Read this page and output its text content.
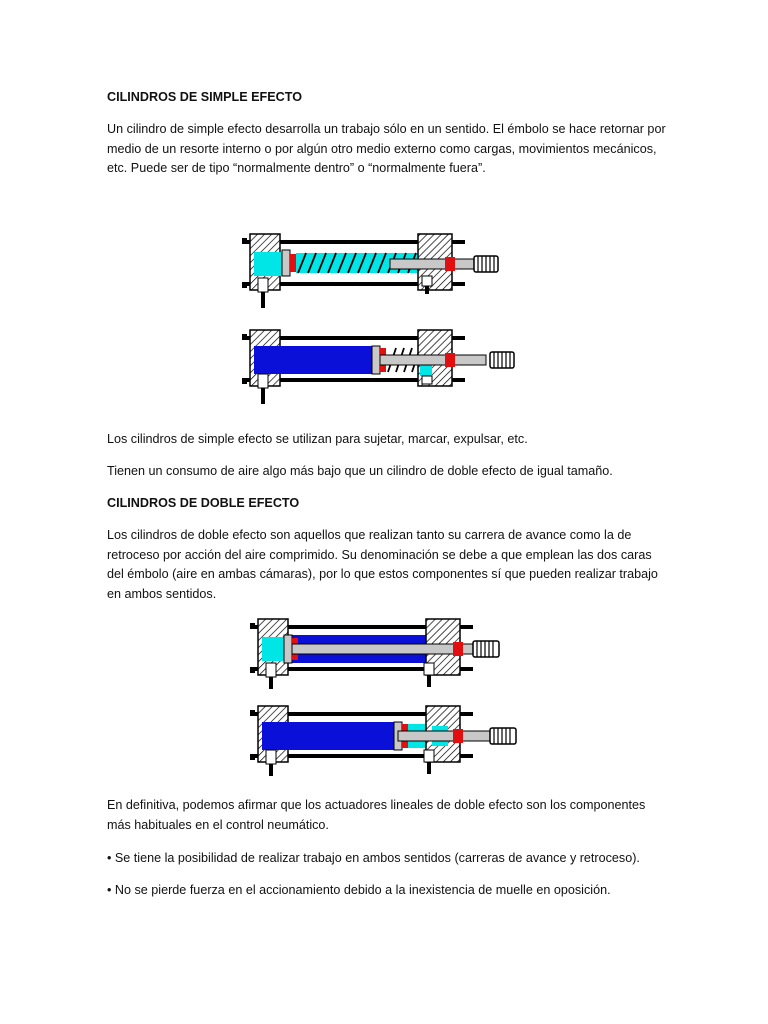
CILINDROS DE SIMPLE EFECTO

Un cilindro de simple efecto desarrolla un trabajo sólo en un sentido. El émbolo se hace retornar por medio de un resorte interno o por algún otro medio externo como cargas, movimientos mecánicos, etc. Puede ser de tipo “normalmente dentro” o “normalmente fuera”.

Los cilindros de simple efecto se utilizan para sujetar, marcar, expulsar, etc.

Tienen un consumo de aire algo más bajo que un cilindro de doble efecto de igual tamaño.

CILINDROS DE DOBLE EFECTO

Los cilindros de doble efecto son aquellos que realizan tanto su carrera de avance como la de retroceso por acción del aire comprimido. Su denominación se debe a que emplean las dos caras del émbolo (aire en ambas cámaras), por lo que estos componentes sí que pueden realizar trabajo en ambos sentidos.

En definitiva, podemos afirmar que los actuadores lineales de doble efecto son los componentes más habituales en el control neumático.

• Se tiene la posibilidad de realizar trabajo en ambos sentidos (carreras de avance y retroceso).

• No se pierde fuerza en el accionamiento debido a la inexistencia de muelle en oposición.
